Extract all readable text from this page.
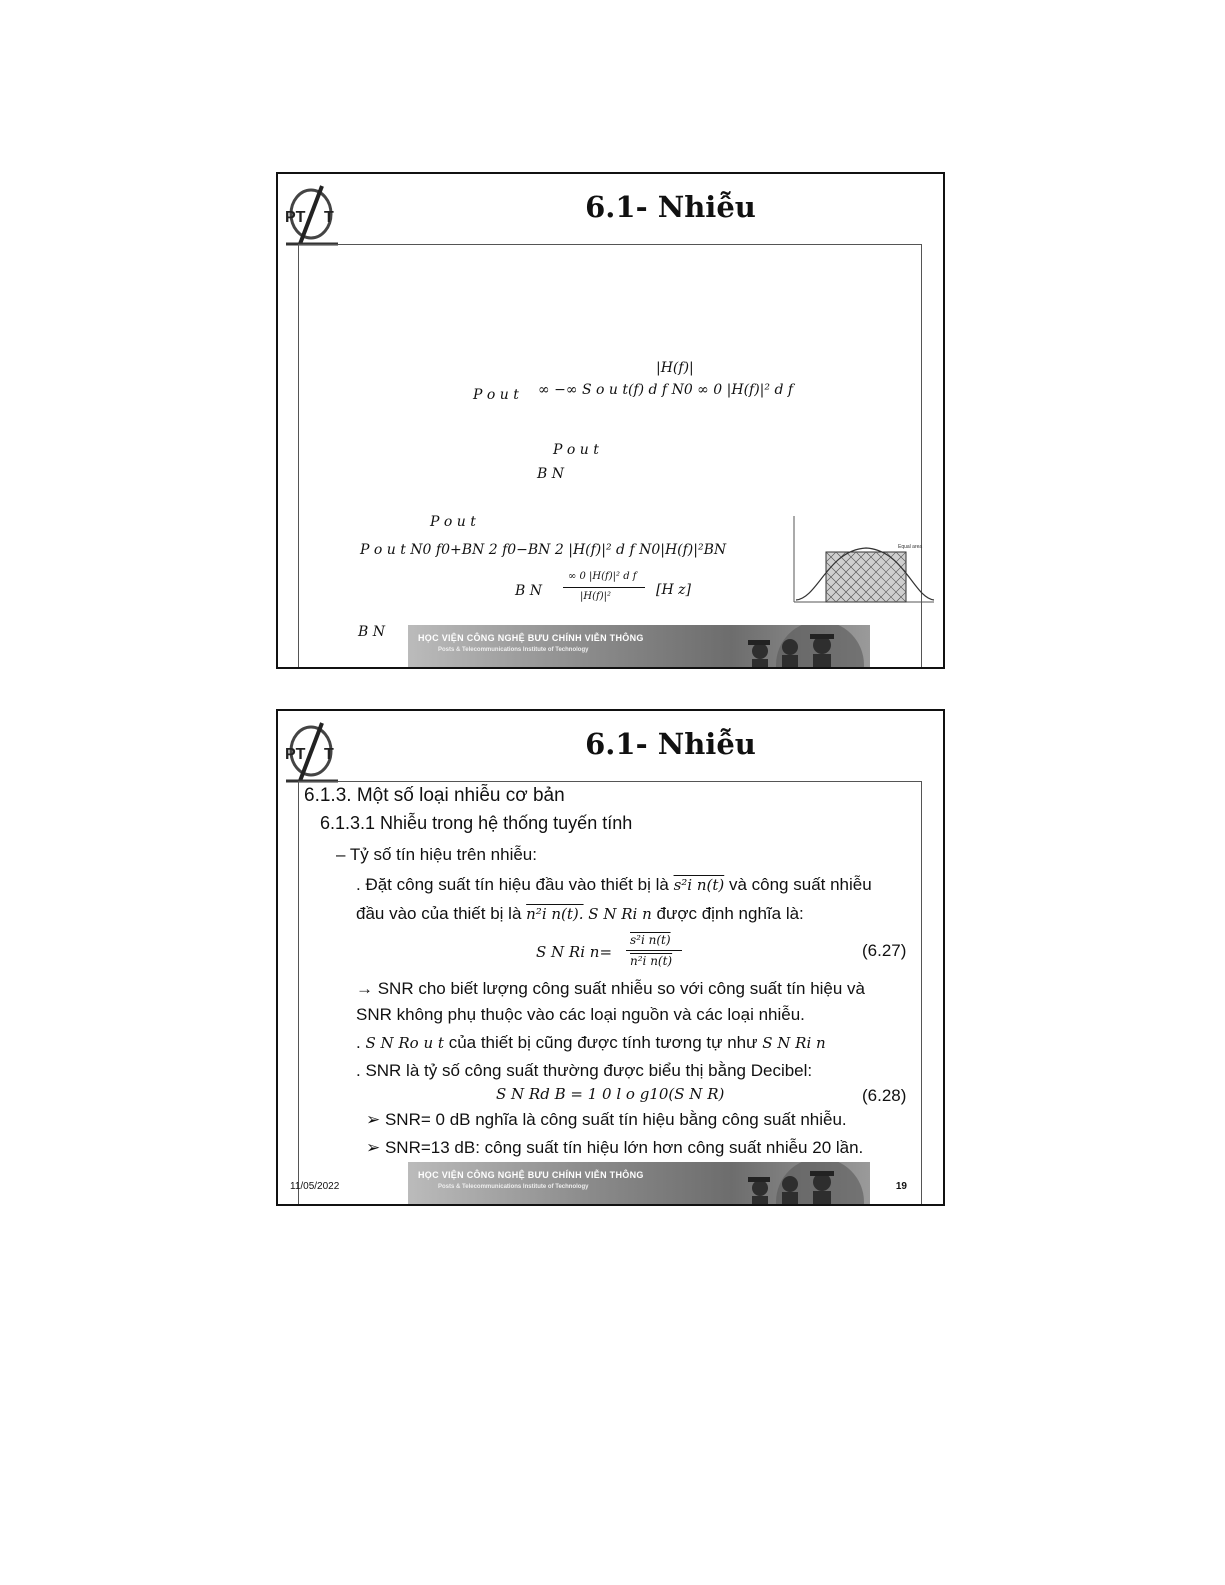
PT T	6.1- Nhiễu
|H(f)|
P o u t ∞ −∞ S o u t(f) d f N0 ∞ 0 |H(f)|² d f
P o u t
B N
P o u t
P o u t N0 f0+BN 2 f0−BN 2 |H(f)|² d f N0|H(f)|²BN
B N
∞ 0 |H(f)|² d f
|H(f)|²	[H z]
B N
Equal area
HỌC VIỆN CÔNG NGHỆ BƯU CHÍNH VIỄN THÔNG
Posts & Telecommunications Institute of Technology
PT T	6.1- Nhiễu
6.1.3. Một số loại nhiễu cơ bản
6.1.3.1 Nhiễu trong hệ thống tuyến tính
– Tỷ số tín hiệu trên nhiễu:
. Đặt công suất tín hiệu đầu vào thiết bị là s²i n(t) và công suất nhiễu
đầu vào của thiết bị là n²i n(t). S N Ri n được định nghĩa là:
S N Ri n=
s²i n(t)
n²i n(t)
(6.27)
→ SNR cho biết lượng công suất nhiễu so với công suất tín hiệu và
SNR không phụ thuộc vào các loại nguồn và các loại nhiễu.
. S N Ro u t của thiết bị cũng được tính tương tự như S N Ri n
. SNR là tỷ số công suất thường được biểu thị bằng Decibel:
S N Rd B = 1 0 l o g10(S N R)	(6.28)
➢ SNR= 0 dB nghĩa là công suất tín hiệu bằng công suất nhiễu.
➢ SNR=13 dB: công suất tín hiệu lớn hơn công suất nhiễu 20 lần.
11/05/2022	19
HỌC VIỆN CÔNG NGHỆ BƯU CHÍNH VIỄN THÔNG
Posts & Telecommunications Institute of Technology
